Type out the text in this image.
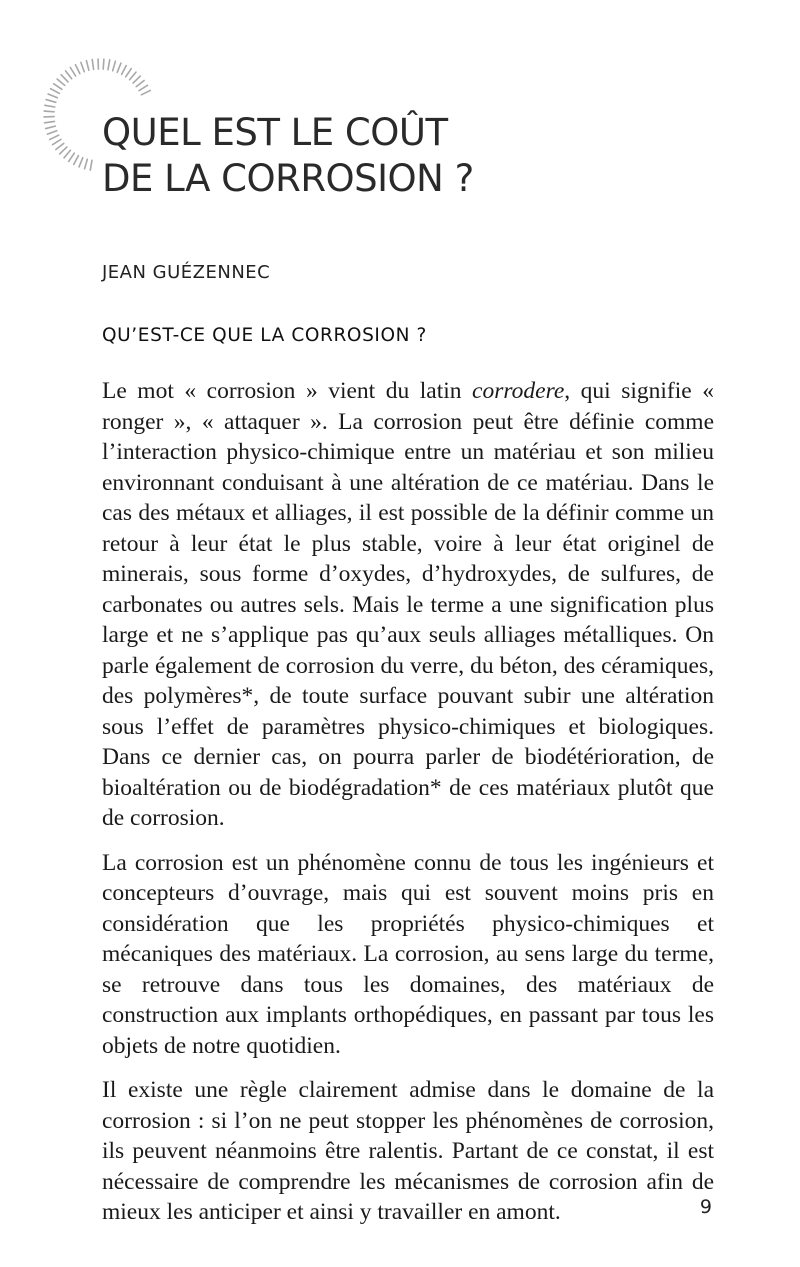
QUEL EST LE COÛT
DE LA CORROSION ?
JEAN GUÉZENNEC
QU’EST-CE QUE LA CORROSION ?

Le mot « corrosion » vient du latin corrodere, qui signifie « ronger », « attaquer ». La corrosion peut être définie comme l’interaction physico-chimique entre un matériau et son milieu environnant conduisant à une altération de ce matériau. Dans le cas des métaux et alliages, il est possible de la définir comme un retour à leur état le plus stable, voire à leur état originel de minerais, sous forme d’oxydes, d’hydroxydes, de sulfures, de carbonates ou autres sels. Mais le terme a une signification plus large et ne s’applique pas qu’aux seuls alliages métalliques. On parle également de corrosion du verre, du béton, des céramiques, des polymères*, de toute surface pouvant subir une altération sous l’effet de paramètres physico-chimiques et biologiques. Dans ce dernier cas, on pourra parler de biodétérioration, de bioaltération ou de biodégradation* de ces matériaux plutôt que de corrosion.

La corrosion est un phénomène connu de tous les ingénieurs et concepteurs d’ouvrage, mais qui est souvent moins pris en considération que les propriétés physico-chimiques et mécaniques des matériaux. La corrosion, au sens large du terme, se retrouve dans tous les domaines, des matériaux de construction aux implants orthopédiques, en passant par tous les objets de notre quotidien.

Il existe une règle clairement admise dans le domaine de la corrosion : si l’on ne peut stopper les phénomènes de corrosion, ils peuvent néanmoins être ralentis. Partant de ce constat, il est nécessaire de comprendre les mécanismes de corrosion afin de mieux les anticiper et ainsi y travailler en amont.	9
